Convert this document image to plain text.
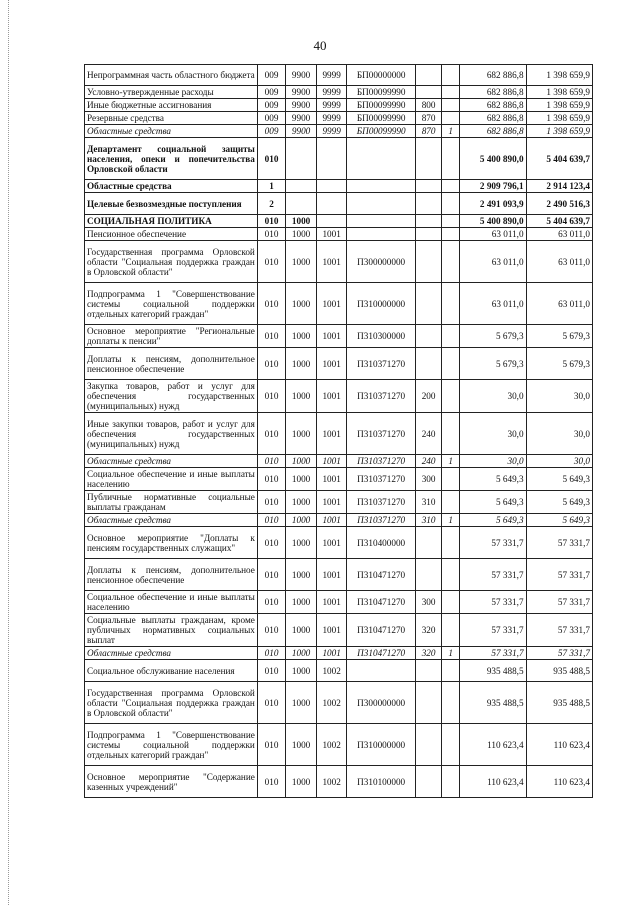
40
Непрограммная часть областного бюджета	009	9900	9999	БП00000000			682 886,8	1 398 659,9
Условно-утвержденные расходы	009	9900	9999	БП00099990			682 886,8	1 398 659,9
Иные бюджетные ассигнования	009	9900	9999	БП00099990	800		682 886,8	1 398 659,9
Резервные средства	009	9900	9999	БП00099990	870		682 886,8	1 398 659,9
Областные средства	009	9900	9999	БП00099990	870	1	682 886,8	1 398 659,9
Департамент социальной защиты населения, опеки и попечительства Орловской области	010						5 400 890,0	5 404 639,7
Областные средства	1						2 909 796,1	2 914 123,4
Целевые безвозмездные поступления	2						2 491 093,9	2 490 516,3
СОЦИАЛЬНАЯ ПОЛИТИКА	010	1000					5 400 890,0	5 404 639,7
Пенсионное обеспечение	010	1000	1001				63 011,0	63 011,0
Государственная программа Орловской области "Социальная поддержка граждан в Орловской области"	010	1000	1001	П300000000			63 011,0	63 011,0
Подпрограмма 1 "Совершенствование системы социальной поддержки отдельных категорий граждан"	010	1000	1001	П310000000			63 011,0	63 011,0
Основное мероприятие "Региональные доплаты к пенсии"	010	1000	1001	П310300000			5 679,3	5 679,3
Доплаты к пенсиям, дополнительное пенсионное обеспечение	010	1000	1001	П310371270			5 679,3	5 679,3
Закупка товаров, работ и услуг для обеспечения государственных (муниципальных) нужд	010	1000	1001	П310371270	200		30,0	30,0
Иные закупки товаров, работ и услуг для обеспечения государственных (муниципальных) нужд	010	1000	1001	П310371270	240		30,0	30,0
Областные средства	010	1000	1001	П310371270	240	1	30,0	30,0
Социальное обеспечение и иные выплаты населению	010	1000	1001	П310371270	300		5 649,3	5 649,3
Публичные нормативные социальные выплаты гражданам	010	1000	1001	П310371270	310		5 649,3	5 649,3
Областные средства	010	1000	1001	П310371270	310	1	5 649,3	5 649,3
Основное мероприятие "Доплаты к пенсиям государственных служащих"	010	1000	1001	П310400000			57 331,7	57 331,7
Доплаты к пенсиям, дополнительное пенсионное обеспечение	010	1000	1001	П310471270			57 331,7	57 331,7
Социальное обеспечение и иные выплаты населению	010	1000	1001	П310471270	300		57 331,7	57 331,7
Социальные выплаты гражданам, кроме публичных нормативных социальных выплат	010	1000	1001	П310471270	320		57 331,7	57 331,7
Областные средства	010	1000	1001	П310471270	320	1	57 331,7	57 331,7
Социальное обслуживание населения	010	1000	1002				935 488,5	935 488,5
Государственная программа Орловской области "Социальная поддержка граждан в Орловской области"	010	1000	1002	П300000000			935 488,5	935 488,5
Подпрограмма 1 "Совершенствование системы социальной поддержки отдельных категорий граждан"	010	1000	1002	П310000000			110 623,4	110 623,4
Основное мероприятие "Содержание казенных учреждений"	010	1000	1002	П310100000			110 623,4	110 623,4
